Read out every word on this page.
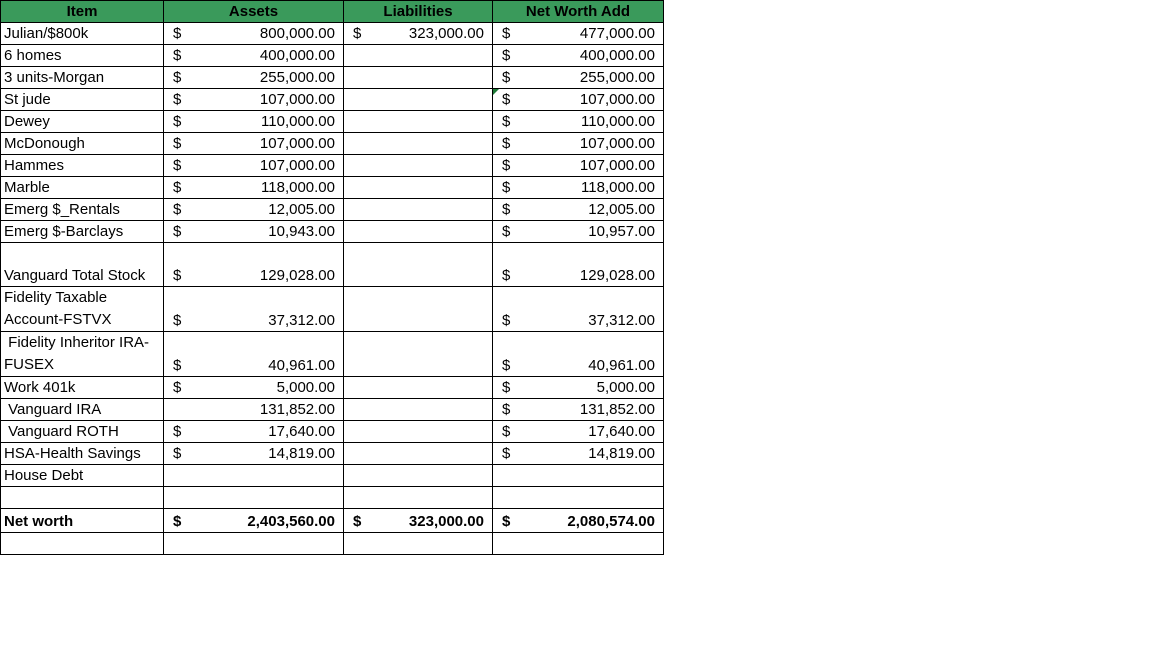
Item	Assets	Liabilities	Net Worth Add
Julian/$800k	$ 800,000.00	$ 323,000.00	$ 477,000.00

6 homes	$ 400,000.00		$ 400,000.00

3 units-Morgan	$ 255,000.00		$ 255,000.00

St jude	$ 107,000.00		$ 107,000.00

Dewey	$ 110,000.00		$ 110,000.00

McDonough	$ 107,000.00		$ 107,000.00

Hammes	$ 107,000.00		$ 107,000.00

Marble	$ 118,000.00		$ 118,000.00

Emerg $_Rentals	$ 12,005.00		$ 12,005.00

Emerg $-Barclays	$ 10,943.00		$ 10,957.00

Vanguard Total Stock	$ 129,028.00		$ 129,028.00

Fidelity Taxable Account-FSTVX	$ 37,312.00		$ 37,312.00

Fidelity Inheritor IRA-FUSEX	$ 40,961.00		$ 40,961.00

Work 401k	$ 5,000.00		$ 5,000.00

Vanguard IRA	131,852.00		$ 131,852.00

Vanguard ROTH	$ 17,640.00		$ 17,640.00

HSA-Health Savings	$ 14,819.00		$ 14,819.00

House Debt	

Net worth	$ 2,403,560.00	$ 323,000.00	$ 2,080,574.00
